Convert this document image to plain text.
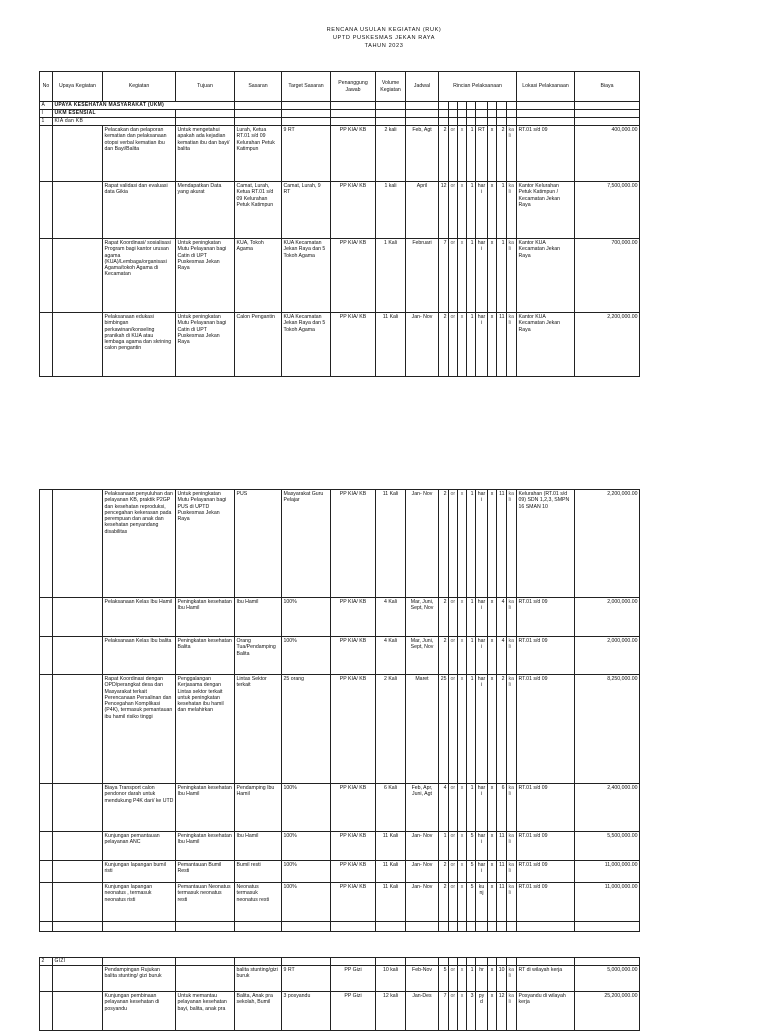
RENCANA USULAN KEGIATAN (RUK)
UPTD PUSKESMAS JEKAN RAYA
TAHUN 2023
No	Upaya Kegiatan	Kegiatan	Tujuan	Sasaran	Target Sasaran	Penanggung Jawab	Volume Kegiatan	Jadwal	Rincian Pelaksanaan								Lokasi Pelaksanaan	Biaya
A	UPAYA KESEHATAN MASYARAKAT (UKM)																	
I	UKM ESENSIAL																	
1	KIA dan KB																	
		Pelacakan dan pelaporan kematian dan pelaksanaan otopsi verbal kematian ibu dan Bayi/Balita	Untuk mengetahui apakah ada kejadian kematian ibu dan bayi/ balita	Lurah, Ketua RT.01 s/d 09 Kelurahan Petuk Katimpun	9 RT	PP KIA/ KB	2 kali	Feb, Agt	2	or	x	1	RT	x	2	kali	RT.01 s/d 09	400,000.00
		Rapat validasi dan evaluasi data Gikia	Mendapatkan Data yang akurat	Camat, Lurah, Ketua RT.01 s/d 09 Kelurahan Petuk Katimpun	Camat, Lurah, 9 RT	PP KIA/ KB	1 kali	April	12	or	x	1	hari	x	1	kali	Kantor Kelurahan Petuk Katimpun / Kecamatan Jekan Raya	7,500,000.00
		Rapat Koordinasi/ sosialisasi Program bagi kantor urusan agama (KUA)/Lembaga/organisasi Agama/tokoh Agama di Kecamatan	Untuk peningkatan Mutu Pelayanan bagi Catin di UPT Puskesmas Jekan Raya	KUA, Tokoh Agama	KUA Kecamatan Jekan Raya dan 5 Tokoh Agama	PP KIA/ KB	1 Kali	Februari	7	or	x	1	hari	x	1	kali	Kantor KUA Kecamatan Jekan Raya	700,000.00
		Pelaksanaan edukasi bimbingan perkawinan/konseling pranikah di KUA atau lembaga agama dan skrining calon pengantin	Untuk peningkatan Mutu Pelayanan bagi Catin di UPT Puskesmas Jekan Raya	Calon Pengantin	KUA Kecamatan Jekan Raya dan 5 Tokoh Agama	PP KIA/ KB	11 Kali	Jan- Nov	2	or	x	1	hari	x	11	kali	Kantor KUA Kecamatan Jekan Raya	2,200,000.00
		Pelaksanaan penyuluhan dan pelayanan KB, praktik P2GP dan kesehatan reproduksi, pencegahan kekerasan pada perempuan dan anak dan kesehatan penyandang disabilitas	Untuk peningkatan Mutu Pelayanan bagi PUS di UPTD Puskesmas Jekan Raya	PUS	Masyarakat Guru Pelajar	PP KIA/ KB	11 Kali	Jan- Nov	2	or	x	1	hari	x	11	kali	Kelurahan (RT.01 s/d 09) SDN 1,2,3, SMPN 16 SMAN 10	2,200,000.00
		Pelaksanaan Kelas Ibu Hamil	Peningkatan kesehatan Ibu Hamil	Ibu Hamil	100%	PP KIA/ KB	4 Kali	Mar, Juni, Sept, Nov	2	or	x	1	hari	x	4	kali	RT.01 s/d 09	2,000,000.00
		Pelaksanaan Kelas Ibu balita	Peningkatan kesehatan Balita	Orang Tua/Pendamping Balita	100%	PP KIA/ KB	4 Kali	Mar, Juni, Sept, Nov	2	or	x	1	hari	x	4	kali	RT.01 s/d 09	2,000,000.00
		Rapat Koordinasi dengan OPD/perangkat desa dan Masyarakat terkait Perencanaan Persalinan dan Pencegahan Komplikasi (P4K), termasuk pemantauan ibu hamil risiko tinggi	Penggalangan Kerjasama dengan Lintas sektor terkait untuk peningkatan kesehatan ibu hamil dan melahirkan	Lintas Sektor terkait	25 orang	PP KIA/ KB	2 Kali	Maret	25	or	x	1	hari	x	2	kali	RT.01 s/d 09	8,250,000.00
		Biaya Transport calon pendonor darah untuk mendukung P4K dari/ ke UTD	Peningkatan kesehatan Ibu Hamil	Pendamping Ibu Hamil	100%	PP KIA/ KB	6 Kali	Feb, Apr, Juni, Agt	4	or	x	1	hari	x	6	kali	RT.01 s/d 09	2,400,000.00
		Kunjungan pemantauan pelayanan ANC	Peningkatan kesehatan Ibu Hamil	Ibu Hamil	100%	PP KIA/ KB	11 Kali	Jan- Nov	1	or	x	5	hari	x	11	kali	RT.01 s/d 09	5,500,000.00
		Kunjungan lapangan bumil risti	Pemantauan Bumil Resti	Bumil resti	100%	PP KIA/ KB	11 Kali	Jan- Nov	2	or	x	5	hari	x	11	kali	RT.01 s/d 09	11,000,000.00
		Kunjungan lapangan neonatus , termasuk neonatus risti	Pemantauan Neonatus termasuk neonatus resti	Neonatus termasuk neonatus resti	100%	PP KIA/ KB	11 Kali	Jan- Nov	2	or	x	5	kunj	x	11	kali	RT.01 s/d 09	11,000,000.00

2	GIZI																	
		Pendampingan Rujukan balita stunting/ gizi buruk		balita stunting/gizi buruk	9 RT	PP Gizi	10 kali	Feb-Nov	5	or	x	1	hr	x	10	kali	RT di wilayah kerja	5,000,000.00
		Kunjungan pembinaan pelayanan kesehatan di posyandu	Untuk memantau pelayanan kesehatan bayi, balita, anak pra	Balita, Anak pra sekolah, Bumil	3 posyandu	PP Gizi	12 kali	Jan-Des	7	or	x	3	pyd	x	12	kali	Posyandu di wilayah kerja	25,200,000.00
